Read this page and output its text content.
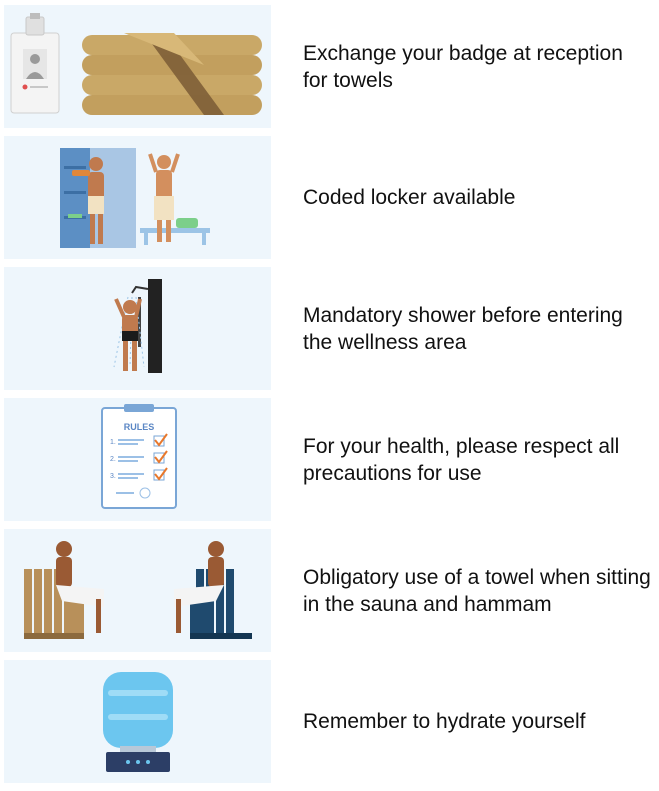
Exchange your badge at reception for towels
Coded locker available
Mandatory shower before entering the wellness area
RULES
1.
2.
3.
For your health, please respect all precautions for use
Obligatory use of a towel when sitting in the sauna and hammam
Remember to hydrate yourself
